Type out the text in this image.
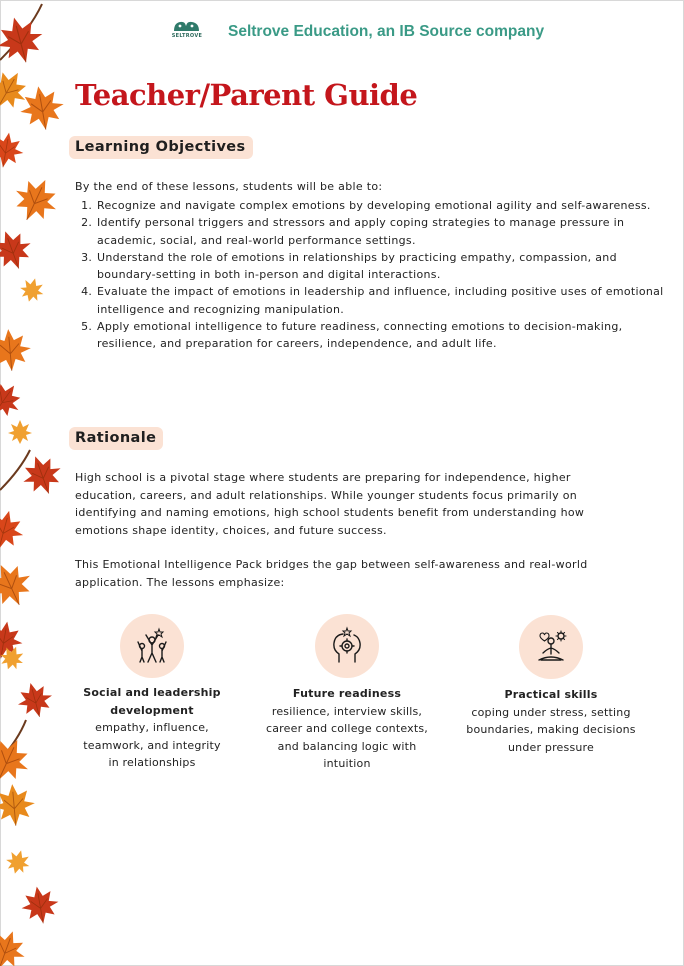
SELTROVE Seltrove Education, an IB Source company
Teacher/Parent Guide
Learning Objectives
By the end of these lessons, students will be able to:
1. Recognize and navigate complex emotions by developing emotional agility and self-awareness.
2. Identify personal triggers and stressors and apply coping strategies to manage pressure in academic, social, and real-world performance settings.
3. Understand the role of emotions in relationships by practicing empathy, compassion, and boundary-setting in both in-person and digital interactions.
4. Evaluate the impact of emotions in leadership and influence, including positive uses of emotional intelligence and recognizing manipulation.
5. Apply emotional intelligence to future readiness, connecting emotions to decision-making, resilience, and preparation for careers, independence, and adult life.
Rationale

High school is a pivotal stage where students are preparing for independence, higher education, careers, and adult relationships. While younger students focus primarily on identifying and naming emotions, high school students benefit from understanding how emotions shape identity, choices, and future success.

This Emotional Intelligence Pack bridges the gap between self-awareness and real-world application. The lessons emphasize:

Social and leadership development
empathy, influence, teamwork, and integrity in relationships
Future readiness
resilience, interview skills, career and college contexts, and balancing logic with intuition
Practical skills
coping under stress, setting boundaries, making decisions under pressure
